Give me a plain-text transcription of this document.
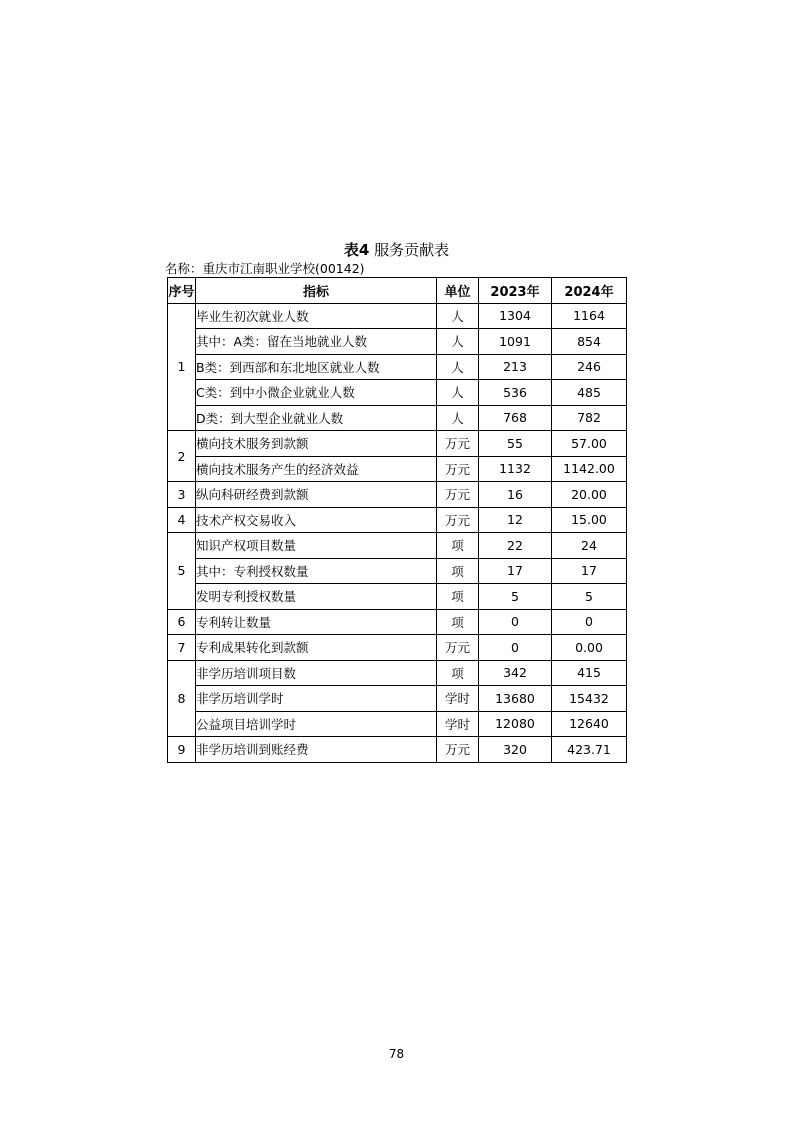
表4 服务贡献表
名称：重庆市江南职业学校(00142)
序号	指标	单位	2023年	2024年
1	毕业生初次就业人数	人	1304	1164
	其中：A类：留在当地就业人数	人	1091	854
	B类：到西部和东北地区就业人数	人	213	246
	C类：到中小微企业就业人数	人	536	485
	D类：到大型企业就业人数	人	768	782
2	横向技术服务到款额	万元	55	57.00
	横向技术服务产生的经济效益	万元	1132	1142.00
3	纵向科研经费到款额	万元	16	20.00
4	技术产权交易收入	万元	12	15.00
5	知识产权项目数量	项	22	24
	其中：专利授权数量	项	17	17
	发明专利授权数量	项	5	5
6	专利转让数量	项	0	0
7	专利成果转化到款额	万元	0	0.00
8	非学历培训项目数	项	342	415
	非学历培训学时	学时	13680	15432
	公益项目培训学时	学时	12080	12640
9	非学历培训到账经费	万元	320	423.71
78
